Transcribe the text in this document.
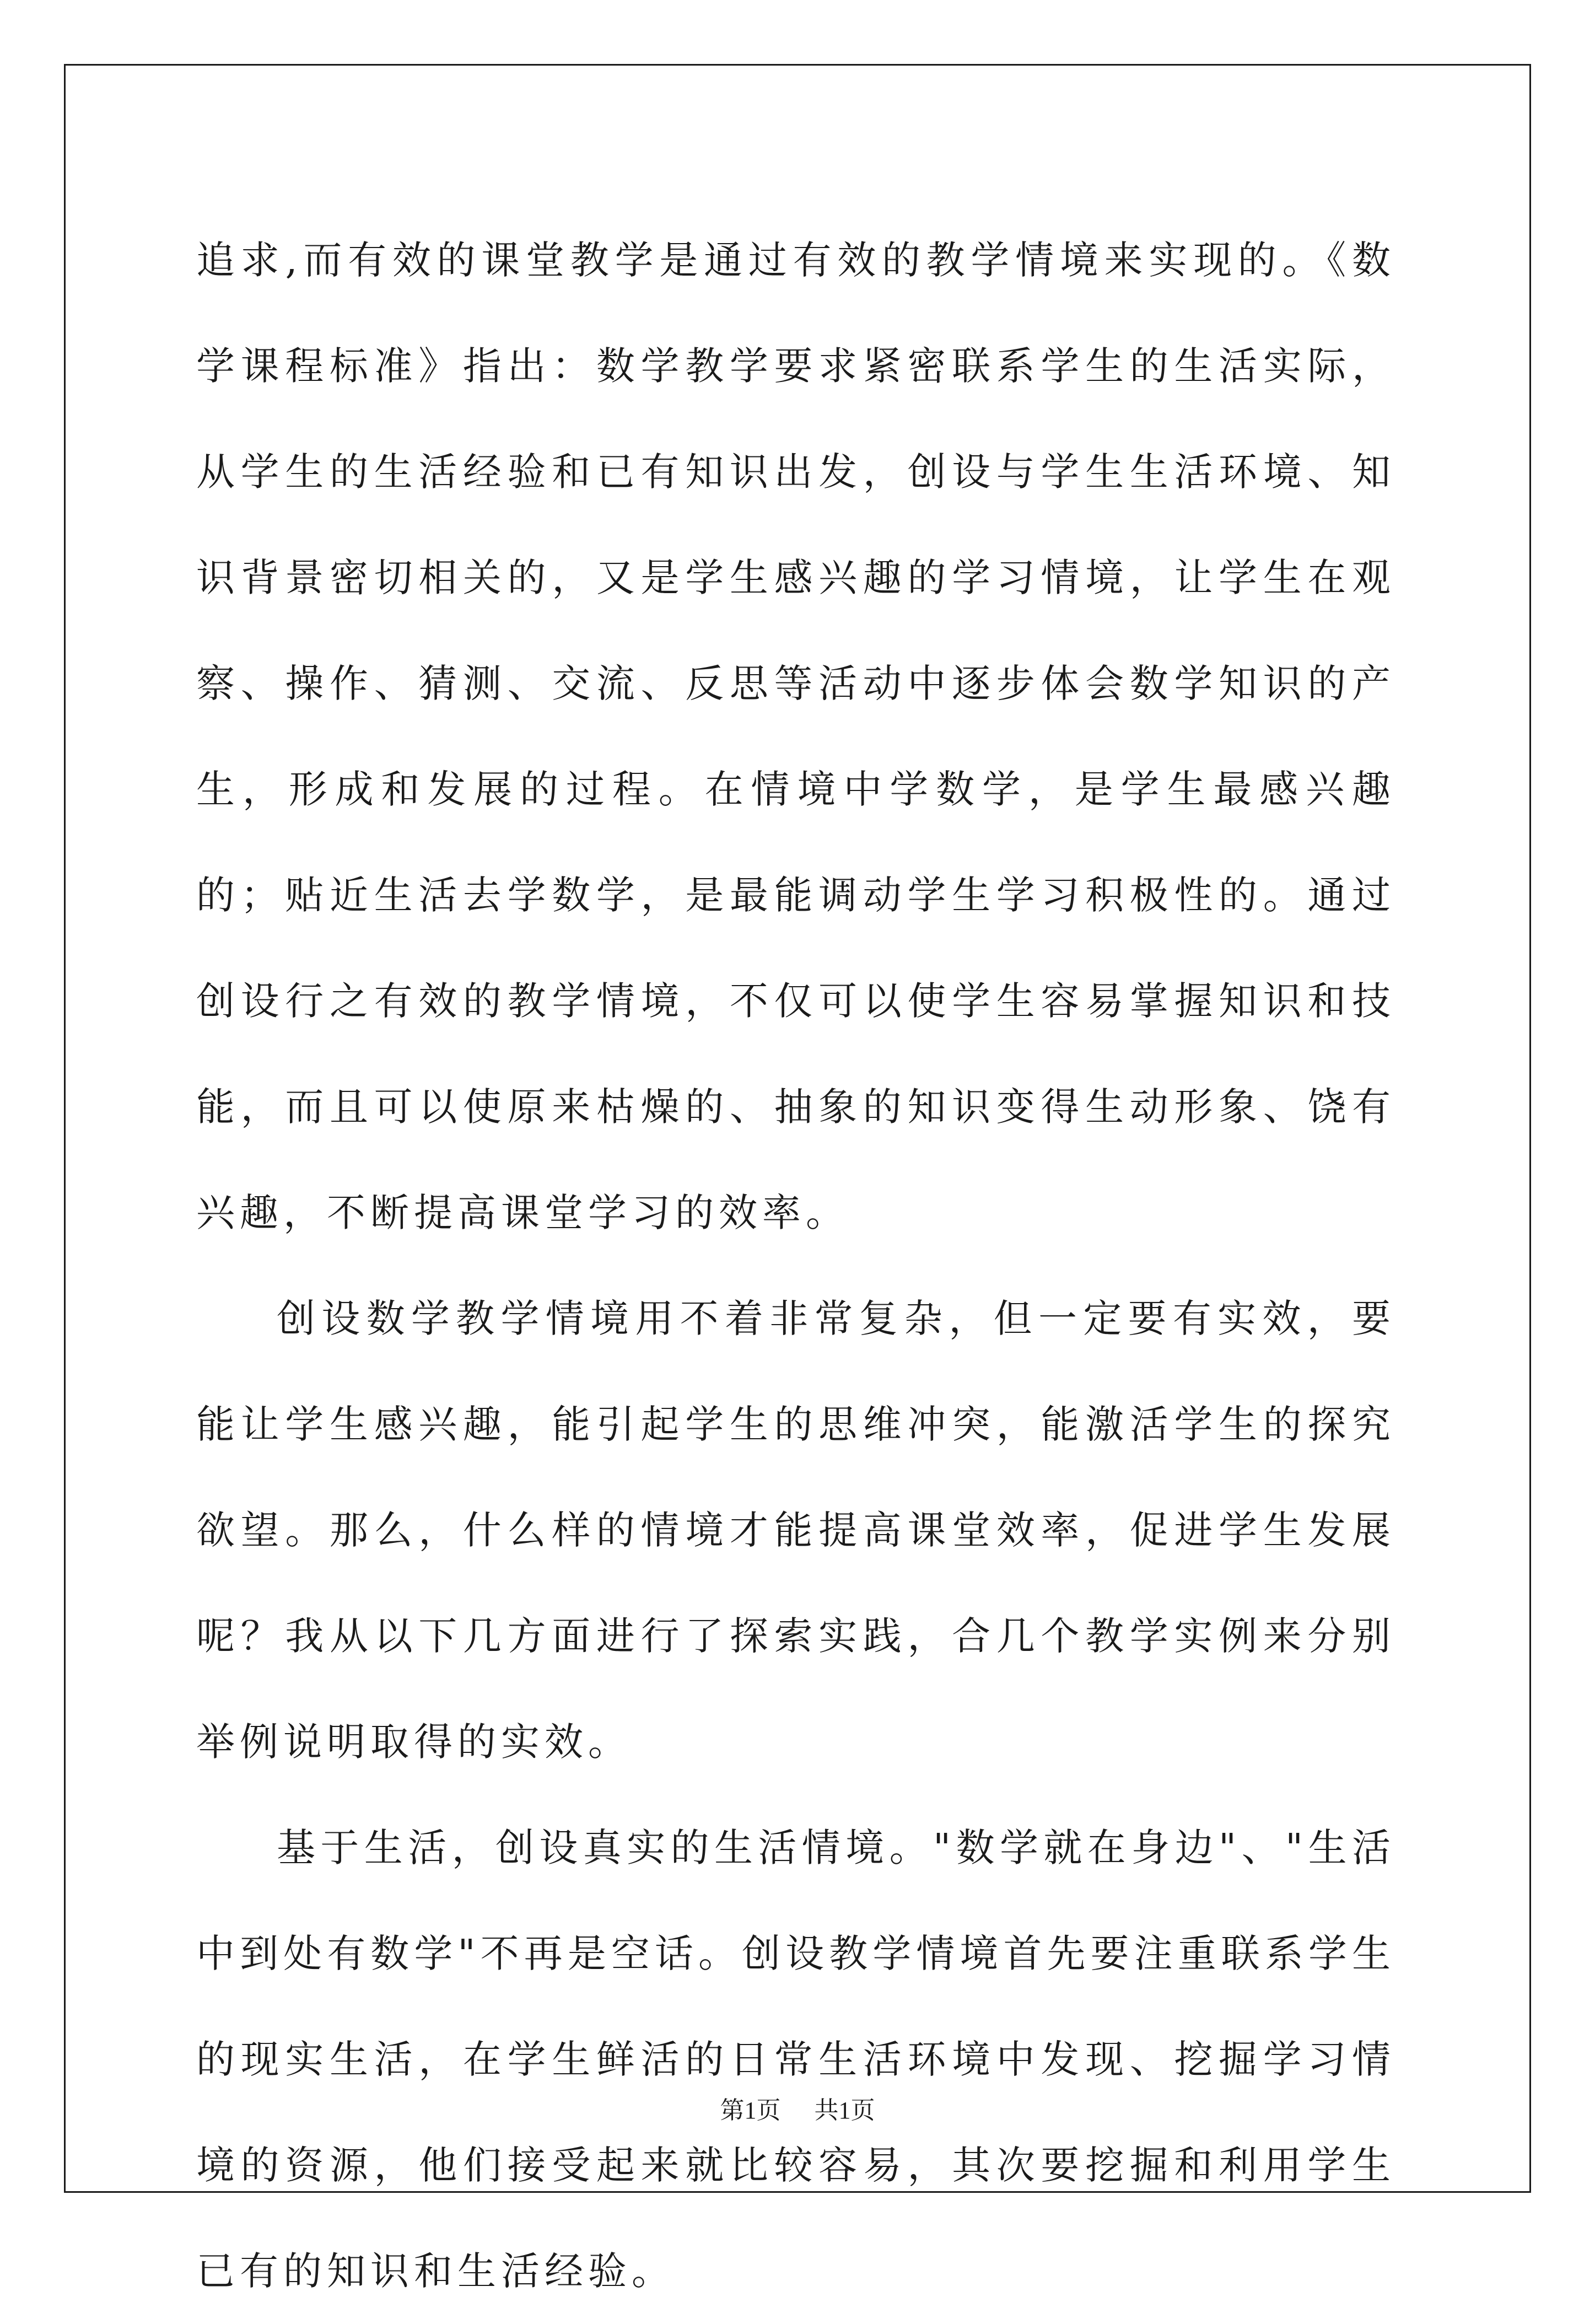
追求,而有效的课堂教学是通过有效的教学情境来实现的。《数学课程标准》指出：数学教学要求紧密联系学生的生活实际，从学生的生活经验和已有知识出发，创设与学生生活环境、知识背景密切相关的，又是学生感兴趣的学习情境，让学生在观察、操作、猜测、交流、反思等活动中逐步体会数学知识的产生，形成和发展的过程。在情境中学数学，是学生最感兴趣的；贴近生活去学数学，是最能调动学生学习积极性的。通过创设行之有效的教学情境，不仅可以使学生容易掌握知识和技能，而且可以使原来枯燥的、抽象的知识变得生动形象、饶有兴趣，不断提高课堂学习的效率。

创设数学教学情境用不着非常复杂，但一定要有实效，要能让学生感兴趣，能引起学生的思维冲突，能激活学生的探究欲望。那么，什么样的情境才能提高课堂效率，促进学生发展呢？我从以下几方面进行了探索实践，合几个教学实例来分别举例说明取得的实效。

基于生活，创设真实的生活情境。"数学就在身边"、"生活中到处有数学"不再是空话。创设教学情境首先要注重联系学生的现实生活，在学生鲜活的日常生活环境中发现、挖掘学习情境的资源，他们接受起来就比较容易，其次要挖掘和利用学生已有的知识和生活经验。

第1页 共1页
